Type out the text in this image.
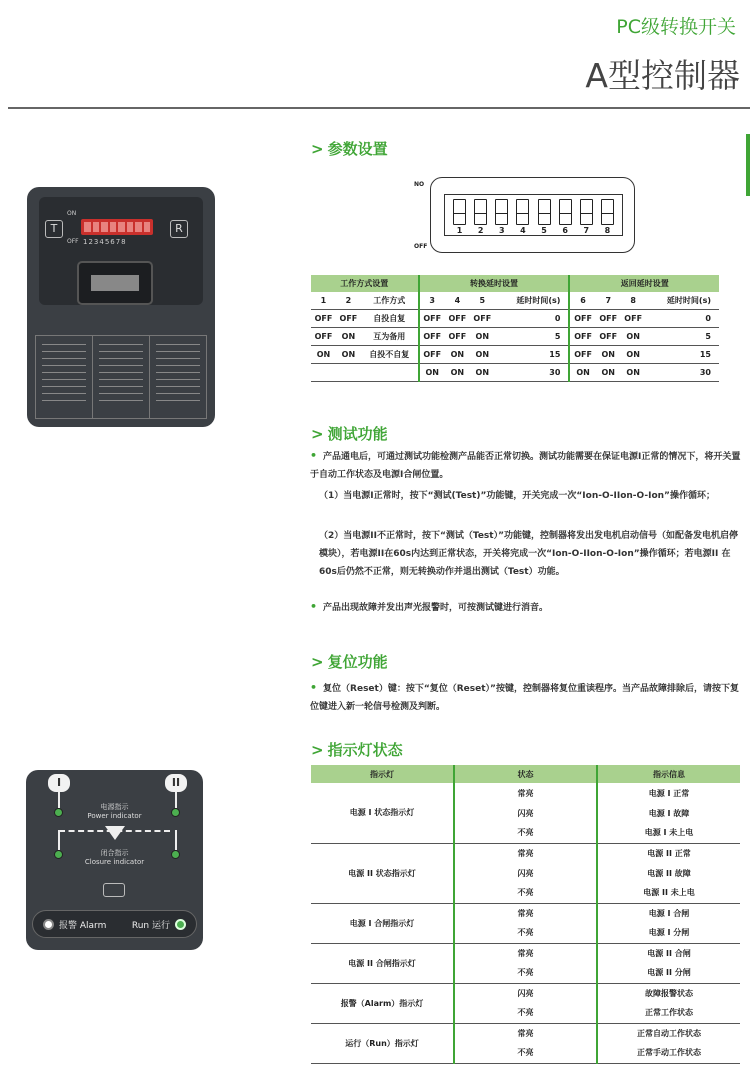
PC级转换开关
A型控制器
ON
OFF
T	R
12345678
I	II
电源指示
Power indicator
闭合指示
Closure indicator
报警 Alarm	Run 运行
> 参数设置
NO
OFF
1 2 3 4 5 6 7 8
工作方式设置			转换延时设置				返回延时设置			
1	2	工作方式	3	4	5	延时时间(s)	6	7	8	延时时间(s)
OFF	OFF	自投自复	OFF	OFF	OFF	0	OFF	OFF	OFF	0
OFF	ON	互为备用	OFF	OFF	ON	5	OFF	OFF	ON	5
ON	ON	自投不自复	OFF	ON	ON	15	OFF	ON	ON	15
			ON	ON	ON	30	ON	ON	ON	30
> 测试功能
• 产品通电后，可通过测试功能检测产品能否正常切换。测试功能需要在保证电源I正常的情况下，将开关置于自动工作状态及电源I合闸位置。
（1）当电源I正常时，按下“测试(Test)”功能键，开关完成一次“Ion-O-IIon-O-Ion”操作循环；
（2）当电源II不正常时，按下“测试（Test）”功能键，控制器将发出发电机启动信号（如配备发电机启停模块），若电源II在60s内达到正常状态，开关将完成一次“Ion-O-IIon-O-Ion”操作循环；若电源II 在60s后仍然不正常，则无转换动作并退出测试（Test）功能。
• 产品出现故障并发出声光报警时，可按测试键进行消音。
> 复位功能
• 复位（Reset）键：按下“复位（Reset）”按键，控制器将复位重读程序。当产品故障排除后，请按下复位键进入新一轮信号检测及判断。
> 指示灯状态
指示灯	状态	指示信息
电源 I 状态指示灯	常亮	电源 I 正常
	闪亮	电源 I 故障
	不亮	电源 I 未上电
电源 II 状态指示灯	常亮	电源 II 正常
	闪亮	电源 II 故障
	不亮	电源 II 未上电
电源 I 合闸指示灯	常亮	电源 I 合闸
	不亮	电源 I 分闸
电源 II 合闸指示灯	常亮	电源 II 合闸
	不亮	电源 II 分闸
报警（Alarm）指示灯	闪亮	故障报警状态
	不亮	正常工作状态
运行（Run）指示灯	常亮	正常自动工作状态
	不亮	正常手动工作状态
